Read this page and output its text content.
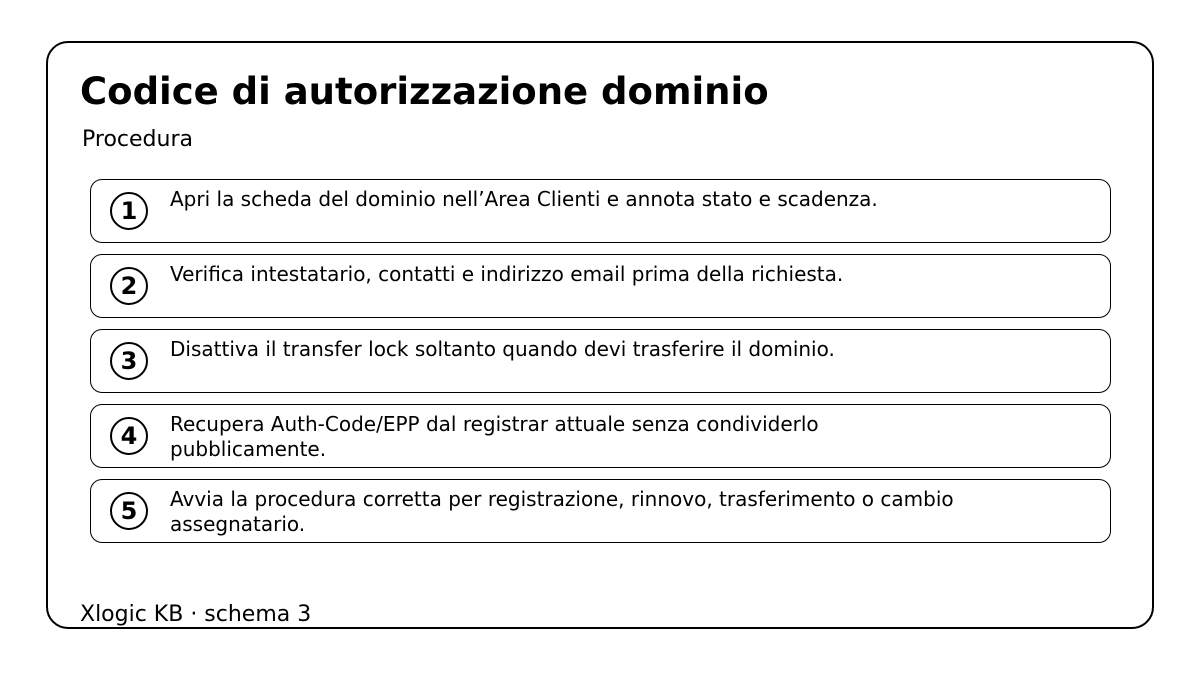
Codice di autorizzazione dominio
Procedura
1	Apri la scheda del dominio nell’Area Clienti e annota stato e scadenza.
2	Verifica intestatario, contatti e indirizzo email prima della richiesta.
3	Disattiva il transfer lock soltanto quando devi trasferire il dominio.
4	Recupera Auth-Code/EPP dal registrar attuale senza condividerlo pubblicamente.
5	Avvia la procedura corretta per registrazione, rinnovo, trasferimento o cambio assegnatario.
Xlogic KB · schema 3
